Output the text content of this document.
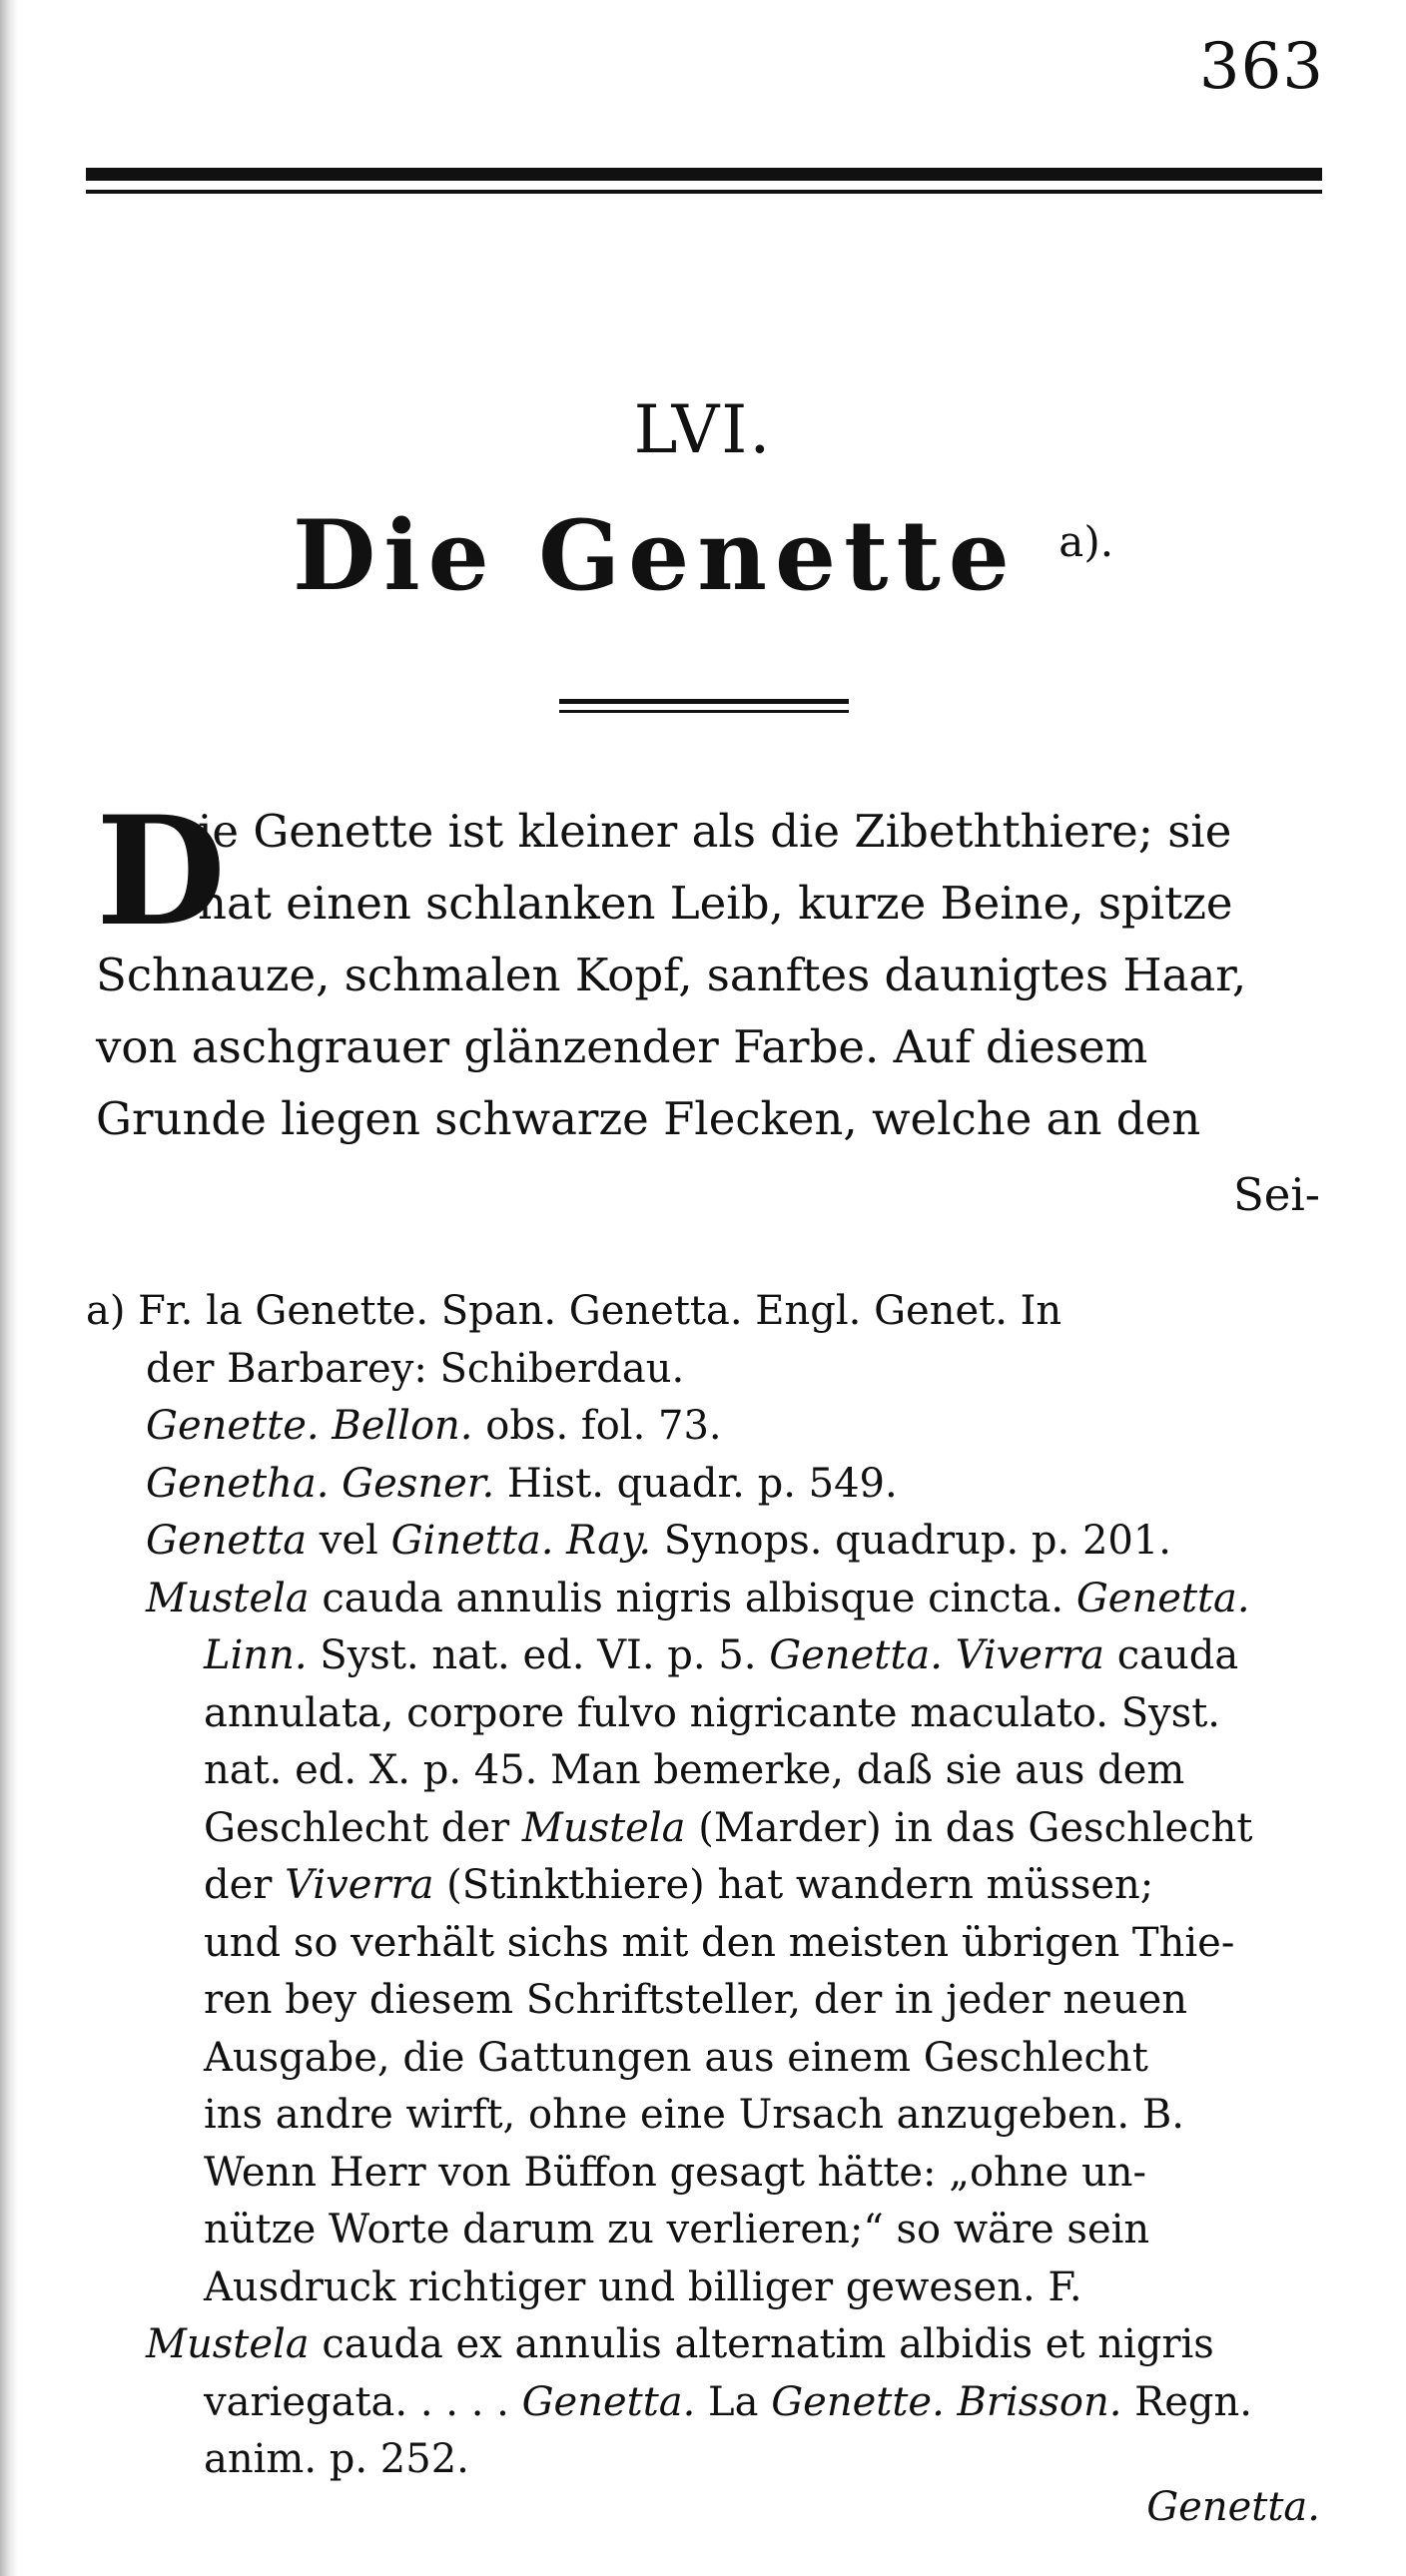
363
LVI.
Die Genette $^{a).}$
D
ie Genette ist kleiner als die Zibeththiere; sie
hat einen schlanken Leib, kurze Beine, spitze
Schnauze, schmalen Kopf, sanftes daunigtes Haar,
von aschgrauer glänzender Farbe. Auf diesem
Grunde liegen schwarze Flecken, welche an den
Sei-
a) Fr. la Genette. Span. Genetta. Engl. Genet. In
der Barbarey: Schiberdau.
Genette. Bellon. obs. fol. 73.
Genetha. Gesner. Hist. quadr. p. 549.
Genetta vel Ginetta. Ray. Synops. quadrup. p. 201.
Mustela cauda annulis nigris albisque cincta. Genetta.
Linn. Syst. nat. ed. VI. p. 5. Genetta. Viverra cauda
annulata, corpore fulvo nigricante maculato. Syst.
nat. ed. X. p. 45. Man bemerke, daß sie aus dem
Geschlecht der Mustela (Marder) in das Geschlecht
der Viverra (Stinkthiere) hat wandern müssen;
und so verhält sichs mit den meisten übrigen Thie-
ren bey diesem Schriftsteller, der in jeder neuen
Ausgabe, die Gattungen aus einem Geschlecht
ins andre wirft, ohne eine Ursach anzugeben. B.
Wenn Herr von Büffon gesagt hätte: „ohne un-
nütze Worte darum zu verlieren;“ so wäre sein
Ausdruck richtiger und billiger gewesen. F.
Mustela cauda ex annulis alternatim albidis et nigris
variegata. . . . . Genetta. La Genette. Brisson. Regn.
anim. p. 252.
Genetta.
